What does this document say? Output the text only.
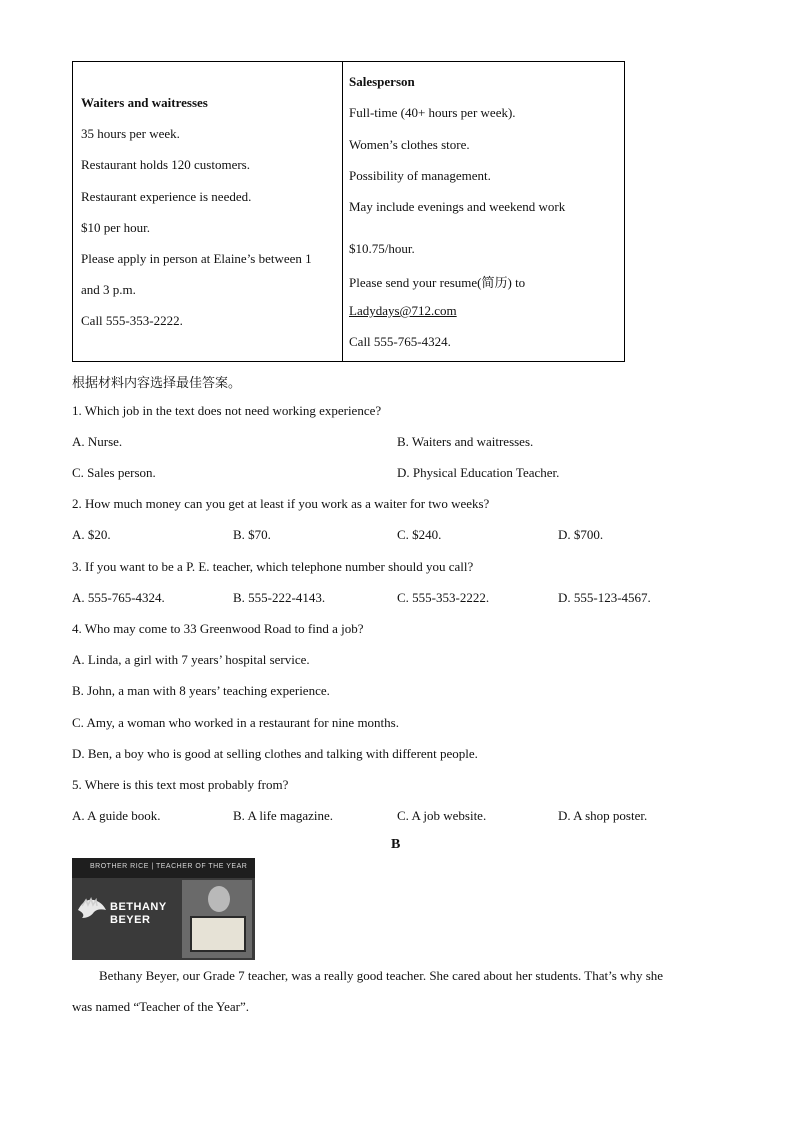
Waiters and waitresses
35 hours per week.
Restaurant holds 120 customers.
Restaurant experience is needed.
$10 per hour.
Please apply in person at Elaine’s between 1
and 3 p.m.
Call 555-353-2222.
Salesperson
Full-time (40+ hours per week).
Women’s clothes store.
Possibility of management.
May include evenings and weekend work
$10.75/hour.
Please send your resume(简历) to
Ladydays@712.com
Call 555-765-4324.
根据材料内容选择最佳答案。
1. Which job in the text does not need working experience?
A. Nurse.	B. Waiters and waitresses.
C. Sales person.	D. Physical Education Teacher.
2. How much money can you get at least if you work as a waiter for two weeks?
A. $20.	B. $70.	C. $240.	D. $700.
3. If you want to be a P. E. teacher, which telephone number should you call?
A. 555-765-4324.	B. 555-222-4143.	C. 555-353-2222.	D. 555-123-4567.
4. Who may come to 33 Greenwood Road to find a job?
A. Linda, a girl with 7 years’ hospital service.
B. John, a man with 8 years’ teaching experience.
C. Amy, a woman who worked in a restaurant for nine months.
D. Ben, a boy who is good at selling clothes and talking with different people.
5. Where is this text most probably from?
A. A guide book.	B. A life magazine.	C. A job website.	D. A shop poster.
B
BROTHER RICE | TEACHER OF THE YEAR
BETHANY
BEYER
Bethany Beyer, our Grade 7 teacher, was a really good teacher. She cared about her students. That’s why she
was named “Teacher of the Year”.
